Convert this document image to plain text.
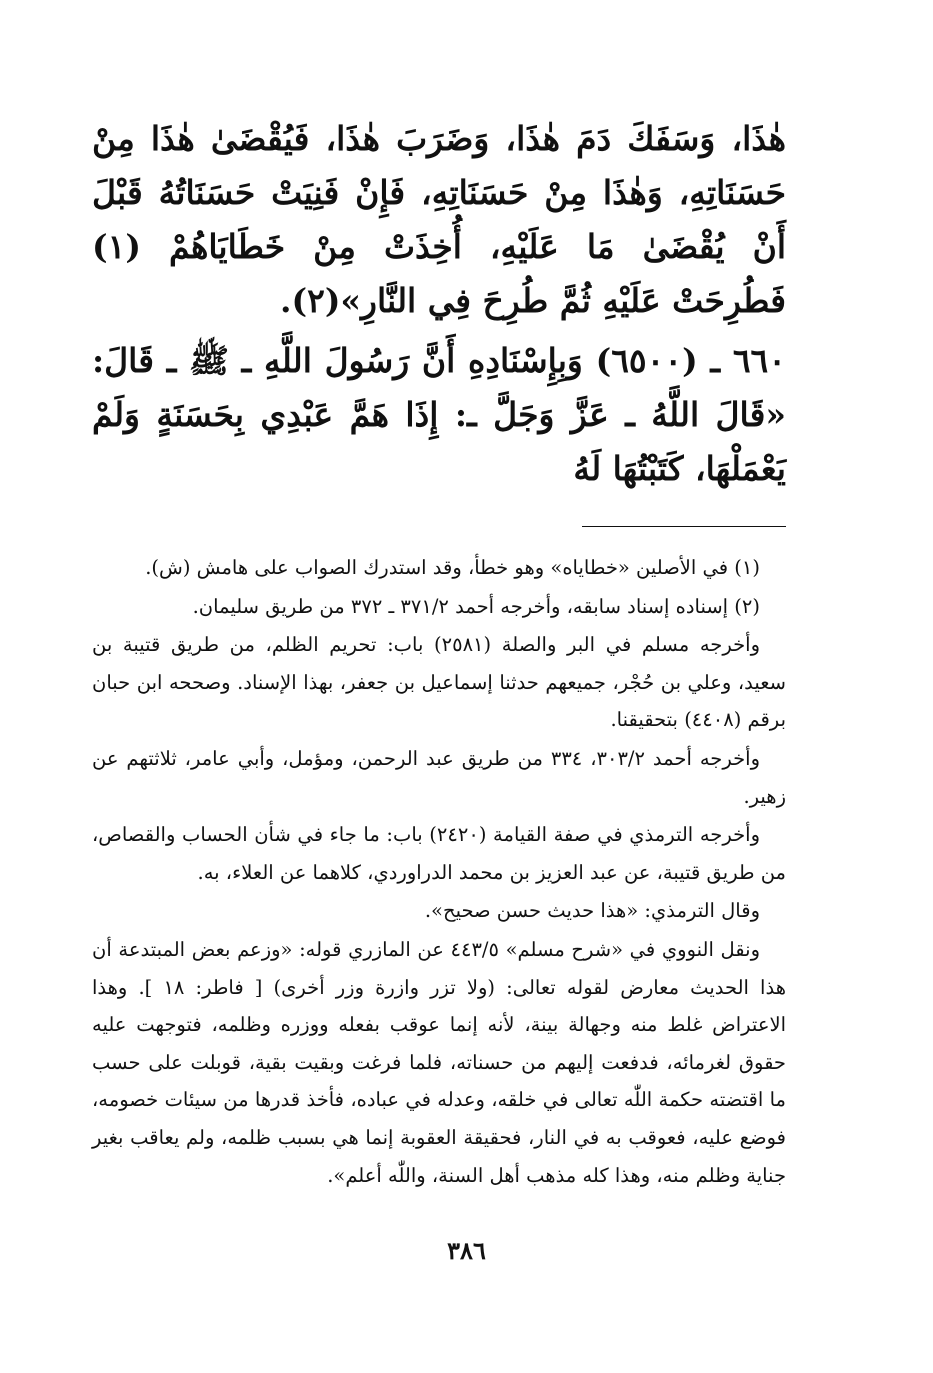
هٰذَا، وَسَفَكَ دَمَ هٰذَا، وَضَرَبَ هٰذَا، فَيُقْضَىٰ هٰذَا مِنْ حَسَنَاتِهِ، وَهٰذَا مِنْ حَسَنَاتِهِ، فَإِنْ فَنِيَتْ حَسَنَاتُهُ قَبْلَ أَنْ يُقْضَىٰ مَا عَلَيْهِ، أُخِذَتْ مِنْ خَطَايَاهُمْ (١) فَطُرِحَتْ عَلَيْهِ ثُمَّ طُرِحَ فِي النَّارِ»(٢).

٦٦٠ ـ (٦٥٠٠) وَبِإِسْنَادِهِ أَنَّ رَسُولَ اللَّهِ ـ ﷺ ـ قَالَ: «قَالَ اللَّهُ ـ عَزَّ وَجَلَّ ـ: إِذَا هَمَّ عَبْدِي بِحَسَنَةٍ وَلَمْ يَعْمَلْهَا، كَتَبْتُهَا لَهُ

(١) في الأصلين «خطاياه» وهو خطأ، وقد استدرك الصواب على هامش (ش).

(٢) إسناده إسناد سابقه، وأخرجه أحمد ٣٧١/٢ ـ ٣٧٢ من طريق سليمان.

وأخرجه مسلم في البر والصلة (٢٥٨١) باب: تحريم الظلم، من طريق قتيبة بن سعيد، وعلي بن حُجْر، جميعهم حدثنا إسماعيل بن جعفر، بهذا الإسناد. وصححه ابن حبان برقم (٤٤٠٨) بتحقيقنا.

وأخرجه أحمد ٣٠٣/٢، ٣٣٤ من طريق عبد الرحمن، ومؤمل، وأبي عامر، ثلاثتهم عن زهير.

وأخرجه الترمذي في صفة القيامة (٢٤٢٠) باب: ما جاء في شأن الحساب والقصاص، من طريق قتيبة، عن عبد العزيز بن محمد الدراوردي، كلاهما عن العلاء، به.

وقال الترمذي: «هذا حديث حسن صحيح».

ونقل النووي في «شرح مسلم» ٤٤٣/٥ عن المازري قوله: «وزعم بعض المبتدعة أن هذا الحديث معارض لقوله تعالى: (ولا تزر وازرة وزر أخرى) [ فاطر: ١٨ ]. وهذا الاعتراض غلط منه وجهالة بينة، لأنه إنما عوقب بفعله ووزره وظلمه، فتوجهت عليه حقوق لغرمائه، فدفعت إليهم من حسناته، فلما فرغت وبقيت بقية، قوبلت على حسب ما اقتضته حكمة اللّٰه تعالى في خلقه، وعدله في عباده، فأخذ قدرها من سيئات خصومه، فوضع عليه، فعوقب به في النار، فحقيقة العقوبة إنما هي بسبب ظلمه، ولم يعاقب بغير جناية وظلم منه، وهذا كله مذهب أهل السنة، واللّٰه أعلم».

٣٨٦
